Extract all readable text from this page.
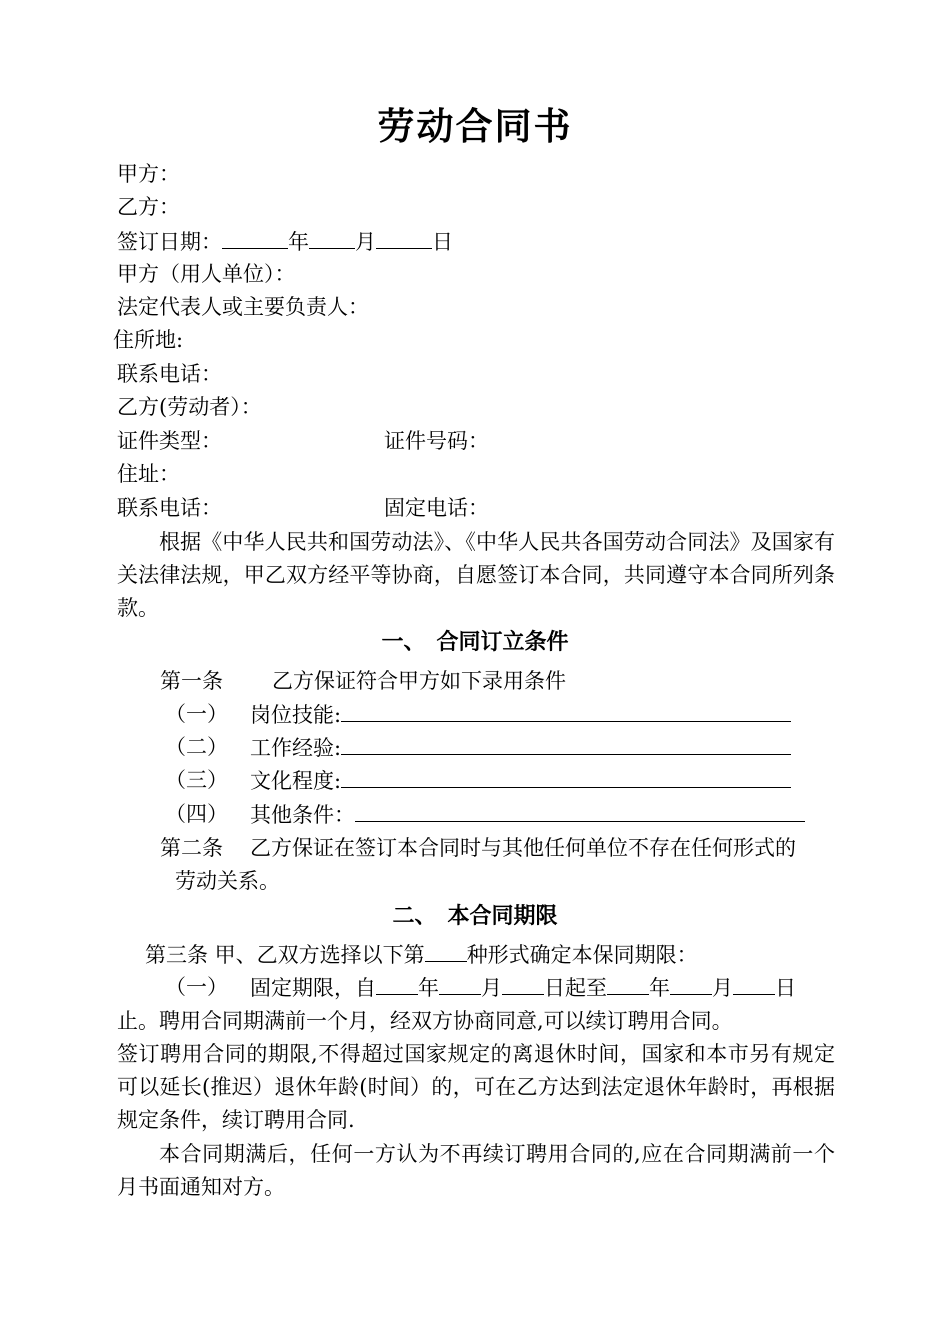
劳动合同书
甲方：
乙方：
签订日期：	年 月	日
甲方（用人单位）：
法定代表人或主要负责人：
住所地:
联系电话：
乙方(劳动者）：
证件类型：	证件号码：
住址：
联系电话：	固定电话：
根据《中华人民共和国劳动法》、《中华人民共各国劳动合同法》及国家有关法律法规，甲乙双方经平等协商，自愿签订本合同，共同遵守本合同所列条款。
一、　合同订立条件
第一条 乙方保证符合甲方如下录用条件
（一） 岗位技能:
（二） 工作经验:
（三） 文化程度:
（四） 其他条件：
第二条 乙方保证在签订本合同时与其他任何单位不存在任何形式的
劳动关系。
二、　本合同期限
第三条 甲、乙双方选择以下第 种形式确定本保同期限：
（一） 固定期限，自 年 月 日起至 年 月 日
止。聘用合同期满前一个月，经双方协商同意,可以续订聘用合同。
签订聘用合同的期限,不得超过国家规定的离退休时间，国家和本市另有规定可以延长(推迟）退休年龄(时间）的，可在乙方达到法定退休年龄时，再根据规定条件，续订聘用合同.
本合同期满后，任何一方认为不再续订聘用合同的,应在合同期满前一个月书面通知对方。
